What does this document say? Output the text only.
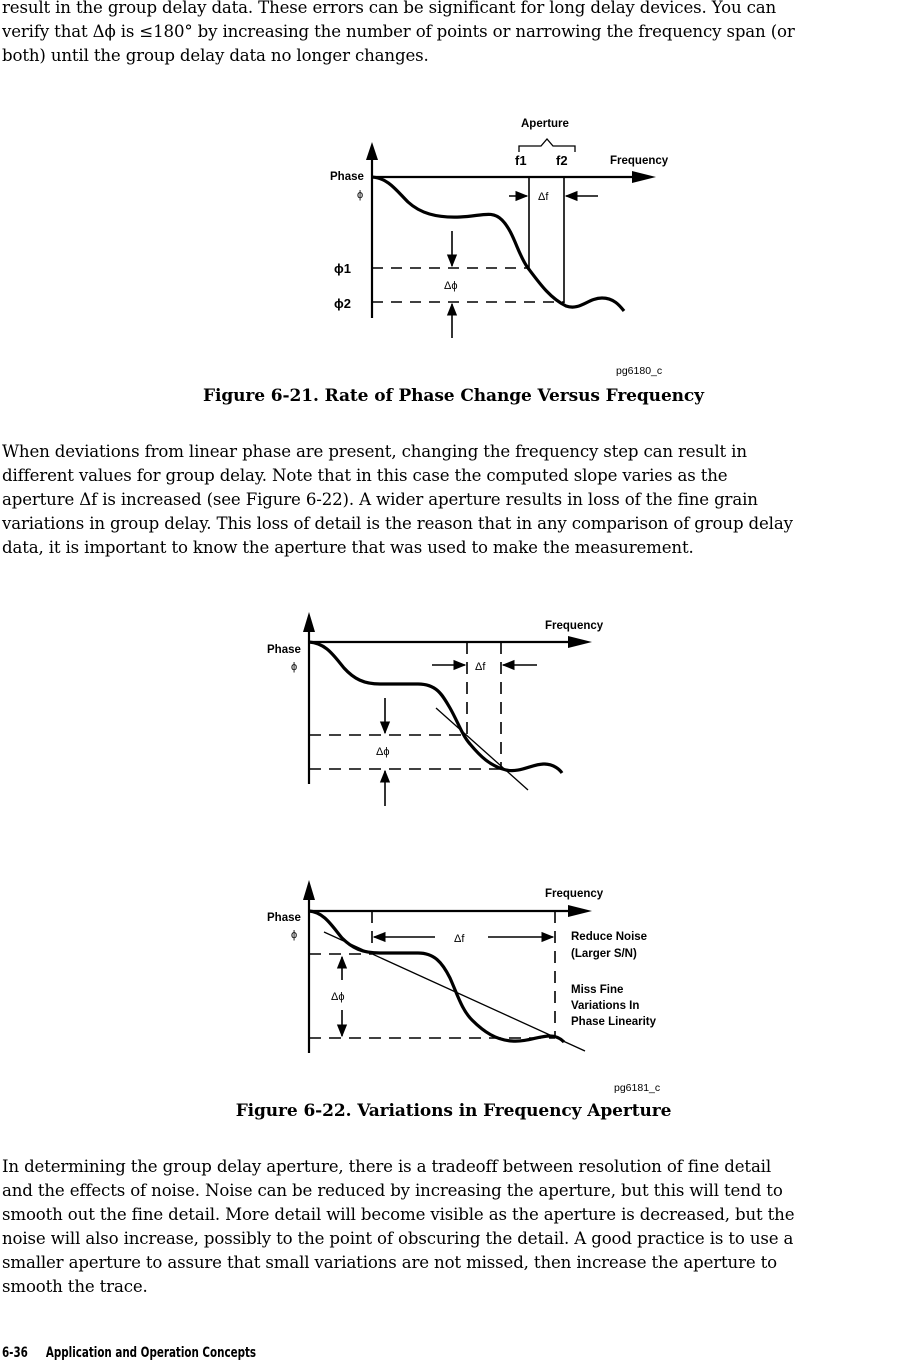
result in the group delay data. These errors can be significant for long delay devices. You can
verify that Δϕ is ≤180° by increasing the number of points or narrowing the frequency span (or
both) until the group delay data no longer changes.
Aperture
f1 f2	Frequency
Phase
ϕ
ϕ1
ϕ2
Δf
Δϕ
pg6180_c

Figure 6-21. Rate of Phase Change Versus Frequency

When deviations from linear phase are present, changing the frequency step can result in
different values for group delay. Note that in this case the computed slope varies as the
aperture Δf is increased (see Figure 6-22). A wider aperture results in loss of the fine grain
variations in group delay. This loss of detail is the reason that in any comparison of group delay
data, it is important to know the aperture that was used to make the measurement.
Frequency
Phase
ϕ	Δf
Δϕ
Frequency
Phase
ϕ	Δf
Δϕ
Reduce Noise
(Larger S/N)
Miss Fine
Variations In
Phase Linearity
pg6181_c

Figure 6-22. Variations in Frequency Aperture

In determining the group delay aperture, there is a tradeoff between resolution of fine detail
and the effects of noise. Noise can be reduced by increasing the aperture, but this will tend to
smooth out the fine detail. More detail will become visible as the aperture is decreased, but the
noise will also increase, possibly to the point of obscuring the detail. A good practice is to use a
smaller aperture to assure that small variations are not missed, then increase the aperture to
smooth the trace.
6-36 Application and Operation Concepts
